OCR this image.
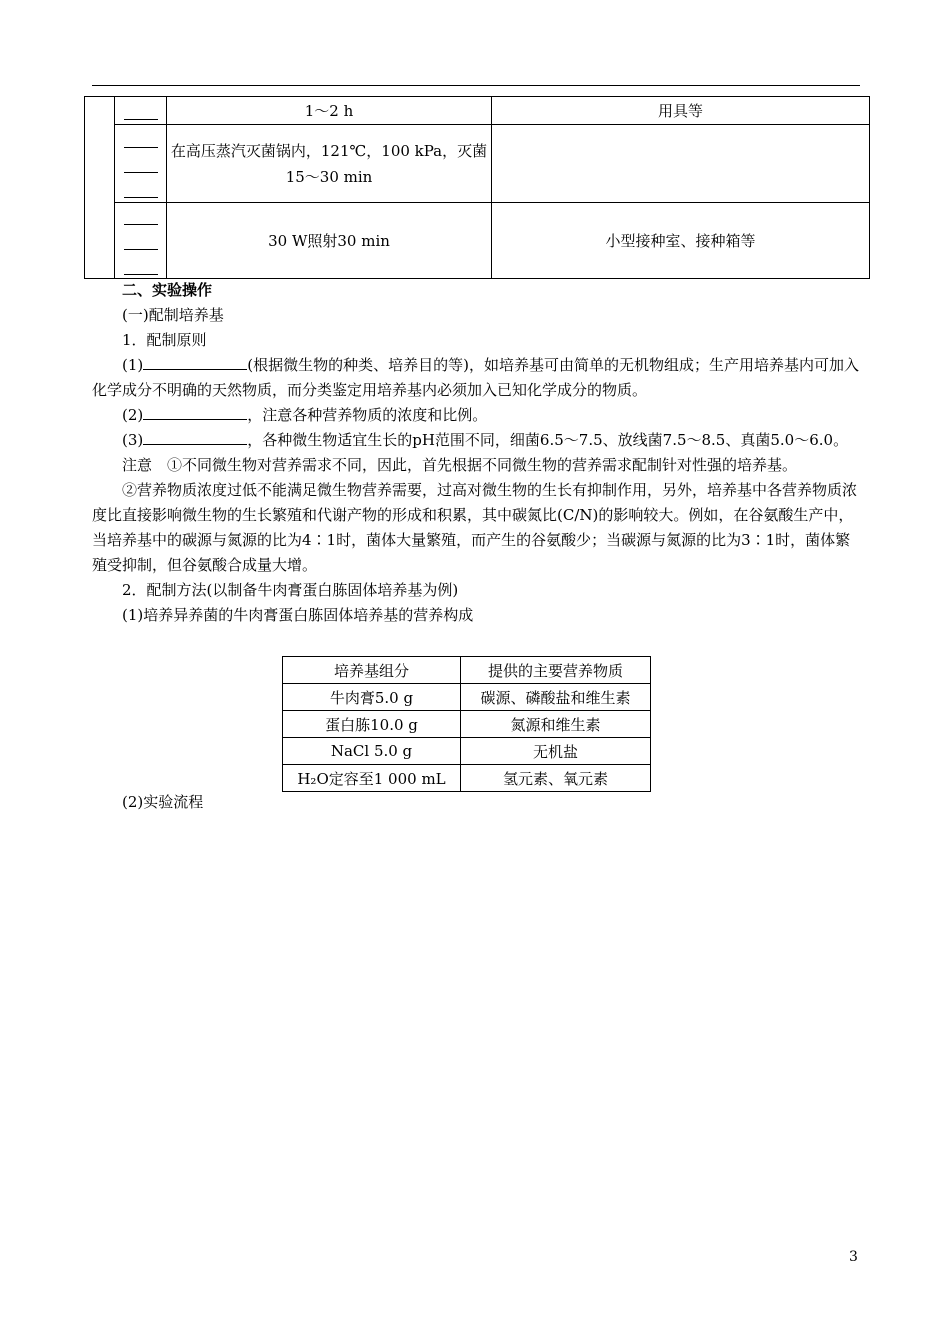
	1～2 h	用具等

		在高压蒸汽灭菌锅内，121℃，100 kPa，灭菌15～30 min	

		30 W照射30 min	小型接种室、接种箱等

二、实验操作

(一)配制培养基

1．配制原则

(1)	(根据微生物的种类、培养目的等)，如培养基可由简单的无机物组成；生产用培养基内可加入化学成分不明确的天然物质，而分类鉴定用培养基内必须加入已知化学成分的物质。

(2)	，注意各种营养物质的浓度和比例。

(3)	，各种微生物适宜生长的pH范围不同，细菌6.5～7.5、放线菌7.5～8.5、真菌5.0～6.0。

注意　①不同微生物对营养需求不同，因此，首先根据不同微生物的营养需求配制针对性强的培养基。

②营养物质浓度过低不能满足微生物营养需要，过高对微生物的生长有抑制作用，另外，培养基中各营养物质浓度比直接影响微生物的生长繁殖和代谢产物的形成和积累，其中碳氮比(C/N)的影响较大。例如，在谷氨酸生产中，当培养基中的碳源与氮源的比为4∶1时，菌体大量繁殖，而产生的谷氨酸少；当碳源与氮源的比为3∶1时，菌体繁殖受抑制，但谷氨酸合成量大增。

2．配制方法(以制备牛肉膏蛋白胨固体培养基为例)

(1)培养异养菌的牛肉膏蛋白胨固体培养基的营养构成

培养基组分	提供的主要营养物质
牛肉膏5.0 g	碳源、磷酸盐和维生素
蛋白胨10.0 g	氮源和维生素
NaCl 5.0 g	无机盐
H₂O定容至1 000 mL	氢元素、氧元素

(2)实验流程

3
